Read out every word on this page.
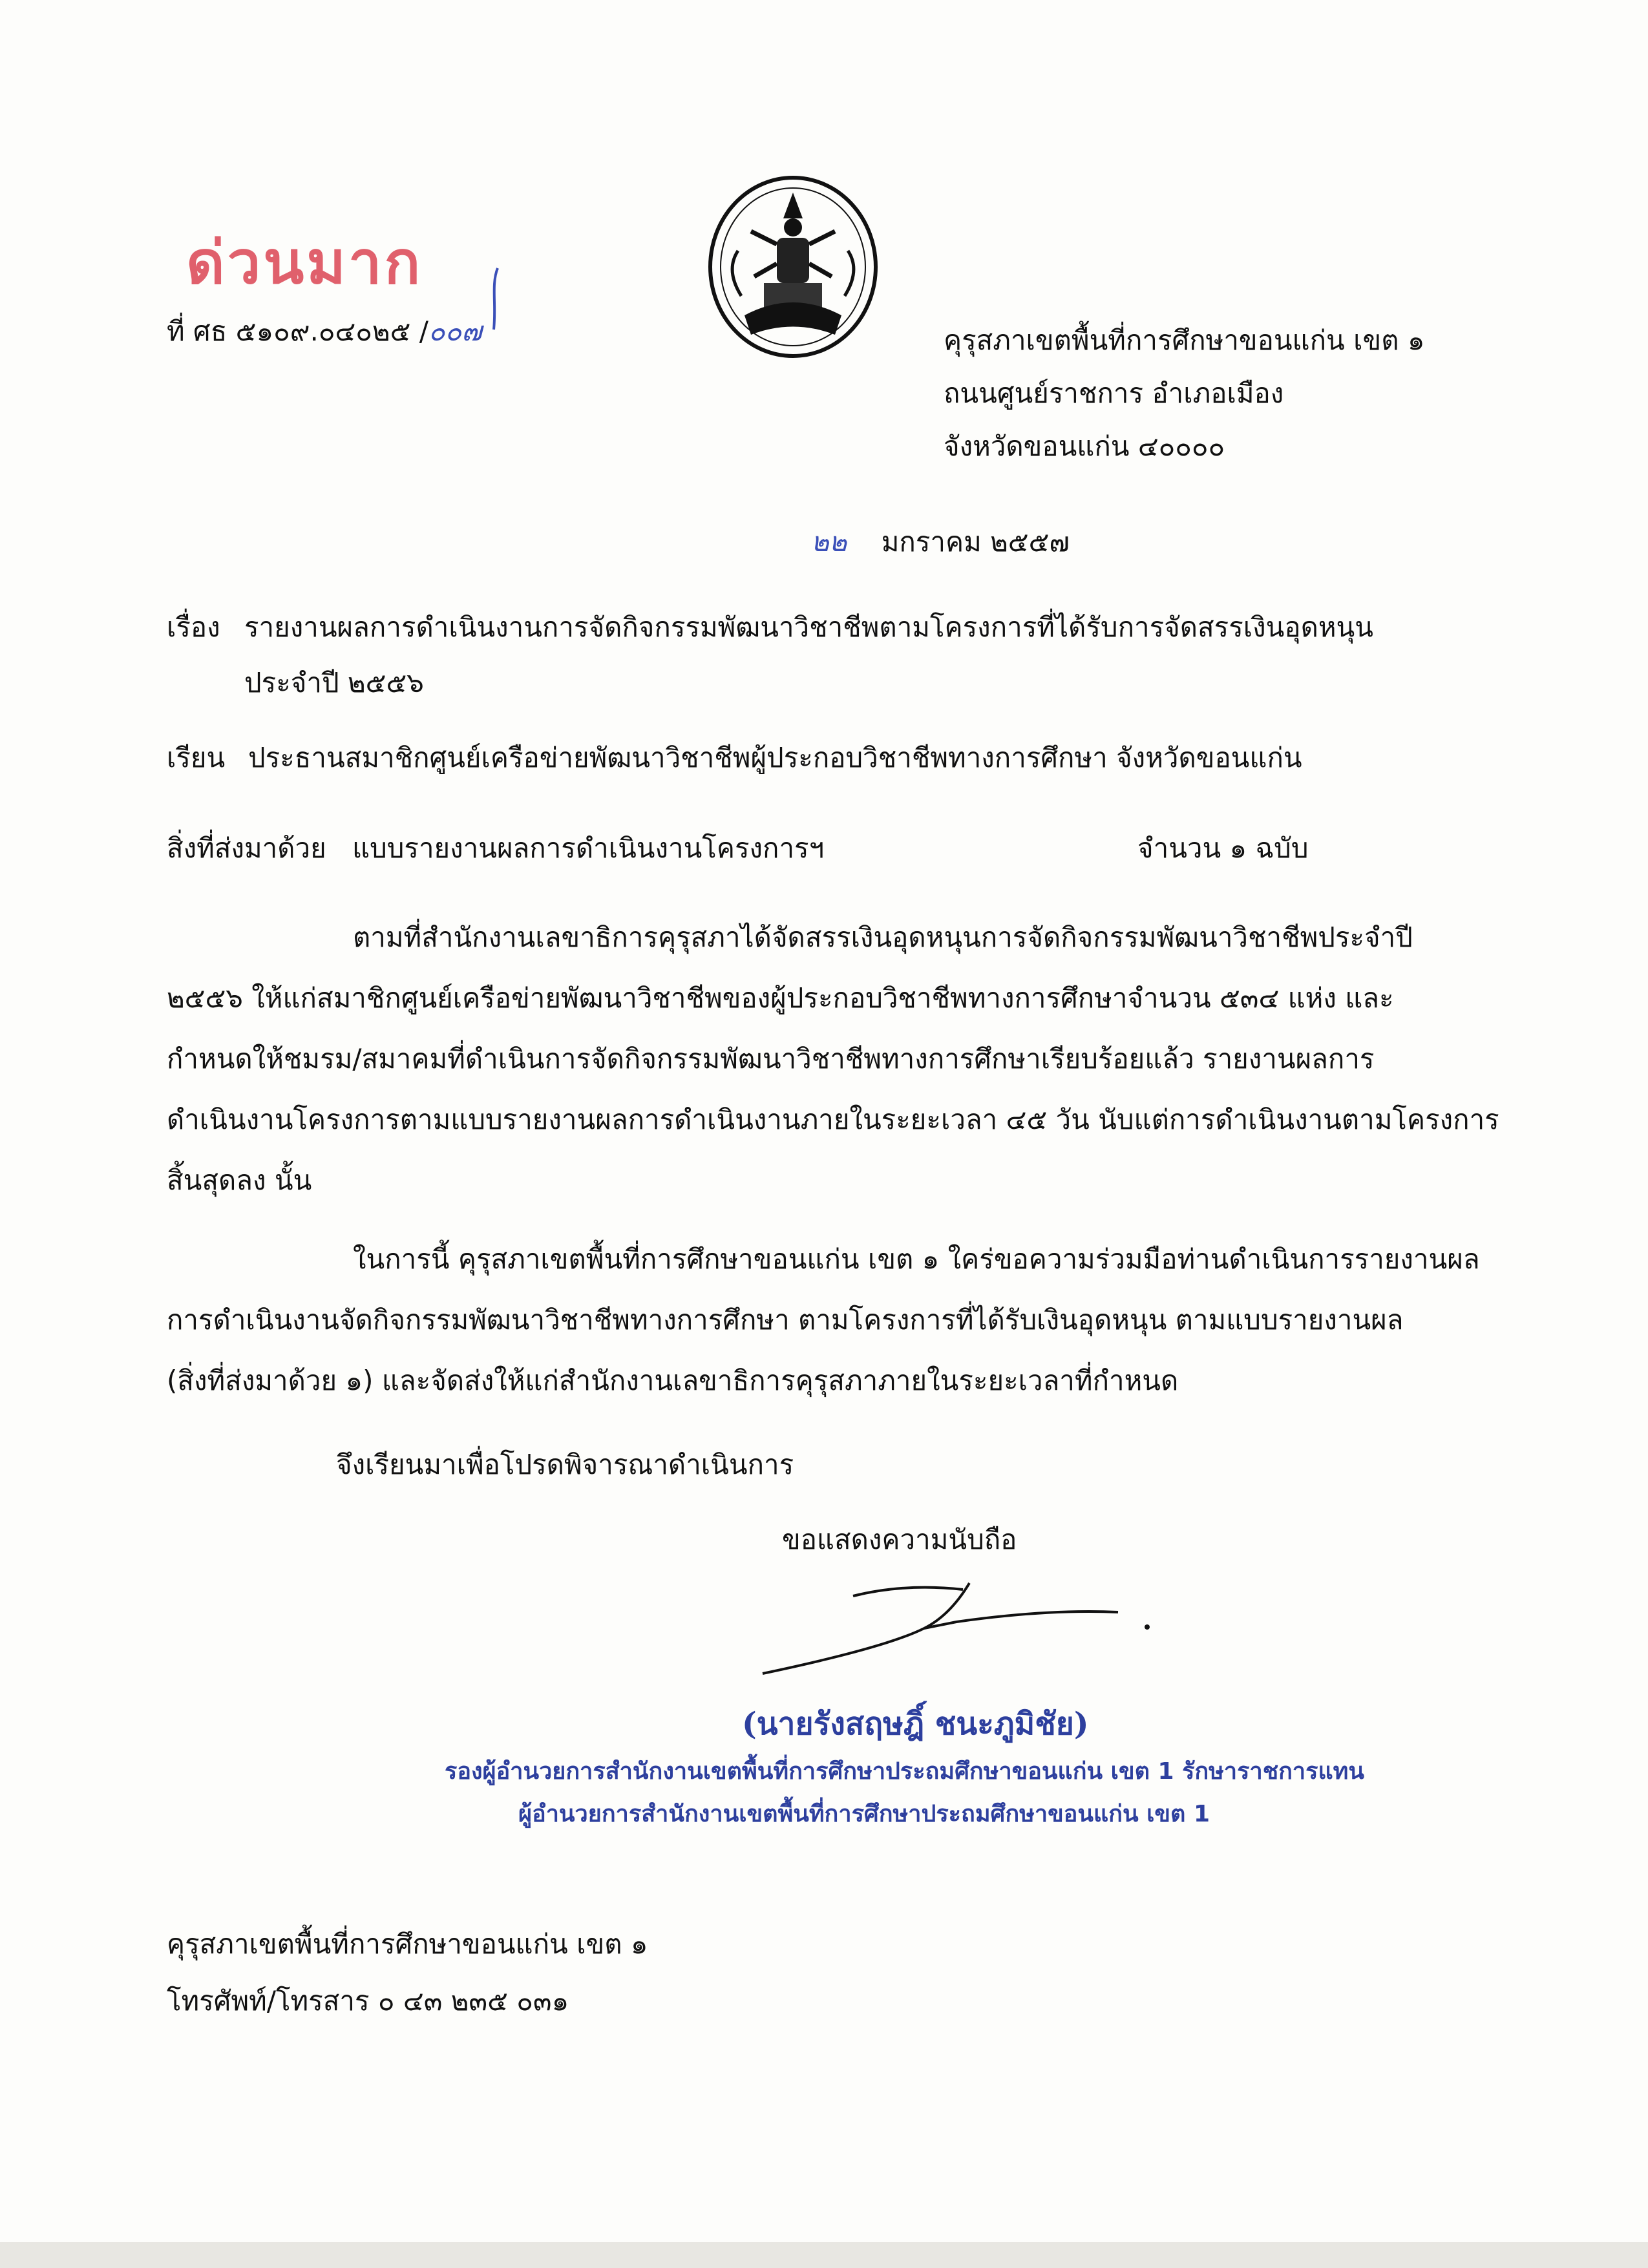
ด่วนมาก
ที่ ศธ ๕๑๐๙.๐๔๐๒๕ /๐๐๗	คุรุสภาเขตพื้นที่การศึกษาขอนแก่น เขต ๑
ถนนศูนย์ราชการ อำเภอเมือง
จังหวัดขอนแก่น ๔๐๐๐๐
๒๒ มกราคม ๒๕๕๗
เรื่อง รายงานผลการดำเนินงานการจัดกิจกรรมพัฒนาวิชาชีพตามโครงการที่ได้รับการจัดสรรเงินอุดหนุน
ประจำปี ๒๕๕๖
เรียน ประธานสมาชิกศูนย์เครือข่ายพัฒนาวิชาชีพผู้ประกอบวิชาชีพทางการศึกษา จังหวัดขอนแก่น
สิ่งที่ส่งมาด้วย แบบรายงานผลการดำเนินงานโครงการฯ	จำนวน ๑ ฉบับ
ตามที่สำนักงานเลขาธิการคุรุสภาได้จัดสรรเงินอุดหนุนการจัดกิจกรรมพัฒนาวิชาชีพประจำปี
๒๕๕๖ ให้แก่สมาชิกศูนย์เครือข่ายพัฒนาวิชาชีพของผู้ประกอบวิชาชีพทางการศึกษาจำนวน ๕๓๔ แห่ง และ
กำหนดให้ชมรม/สมาคมที่ดำเนินการจัดกิจกรรมพัฒนาวิชาชีพทางการศึกษาเรียบร้อยแล้ว รายงานผลการ
ดำเนินงานโครงการตามแบบรายงานผลการดำเนินงานภายในระยะเวลา ๔๕ วัน นับแต่การดำเนินงานตามโครงการ
สิ้นสุดลง นั้น
ในการนี้ คุรุสภาเขตพื้นที่การศึกษาขอนแก่น เขต ๑ ใคร่ขอความร่วมมือท่านดำเนินการรายงานผล
การดำเนินงานจัดกิจกรรมพัฒนาวิชาชีพทางการศึกษา ตามโครงการที่ได้รับเงินอุดหนุน ตามแบบรายงานผล
(สิ่งที่ส่งมาด้วย ๑) และจัดส่งให้แก่สำนักงานเลขาธิการคุรุสภาภายในระยะเวลาที่กำหนด
จึงเรียนมาเพื่อโปรดพิจารณาดำเนินการ
ขอแสดงความนับถือ
(นายรังสฤษฎิ์ ชนะภูมิชัย)
รองผู้อำนวยการสำนักงานเขตพื้นที่การศึกษาประถมศึกษาขอนแก่น เขต 1 รักษาราชการแทน
ผู้อำนวยการสำนักงานเขตพื้นที่การศึกษาประถมศึกษาขอนแก่น เขต 1
คุรุสภาเขตพื้นที่การศึกษาขอนแก่น เขต ๑
โทรศัพท์/โทรสาร ๐ ๔๓ ๒๓๕ ๐๓๑
